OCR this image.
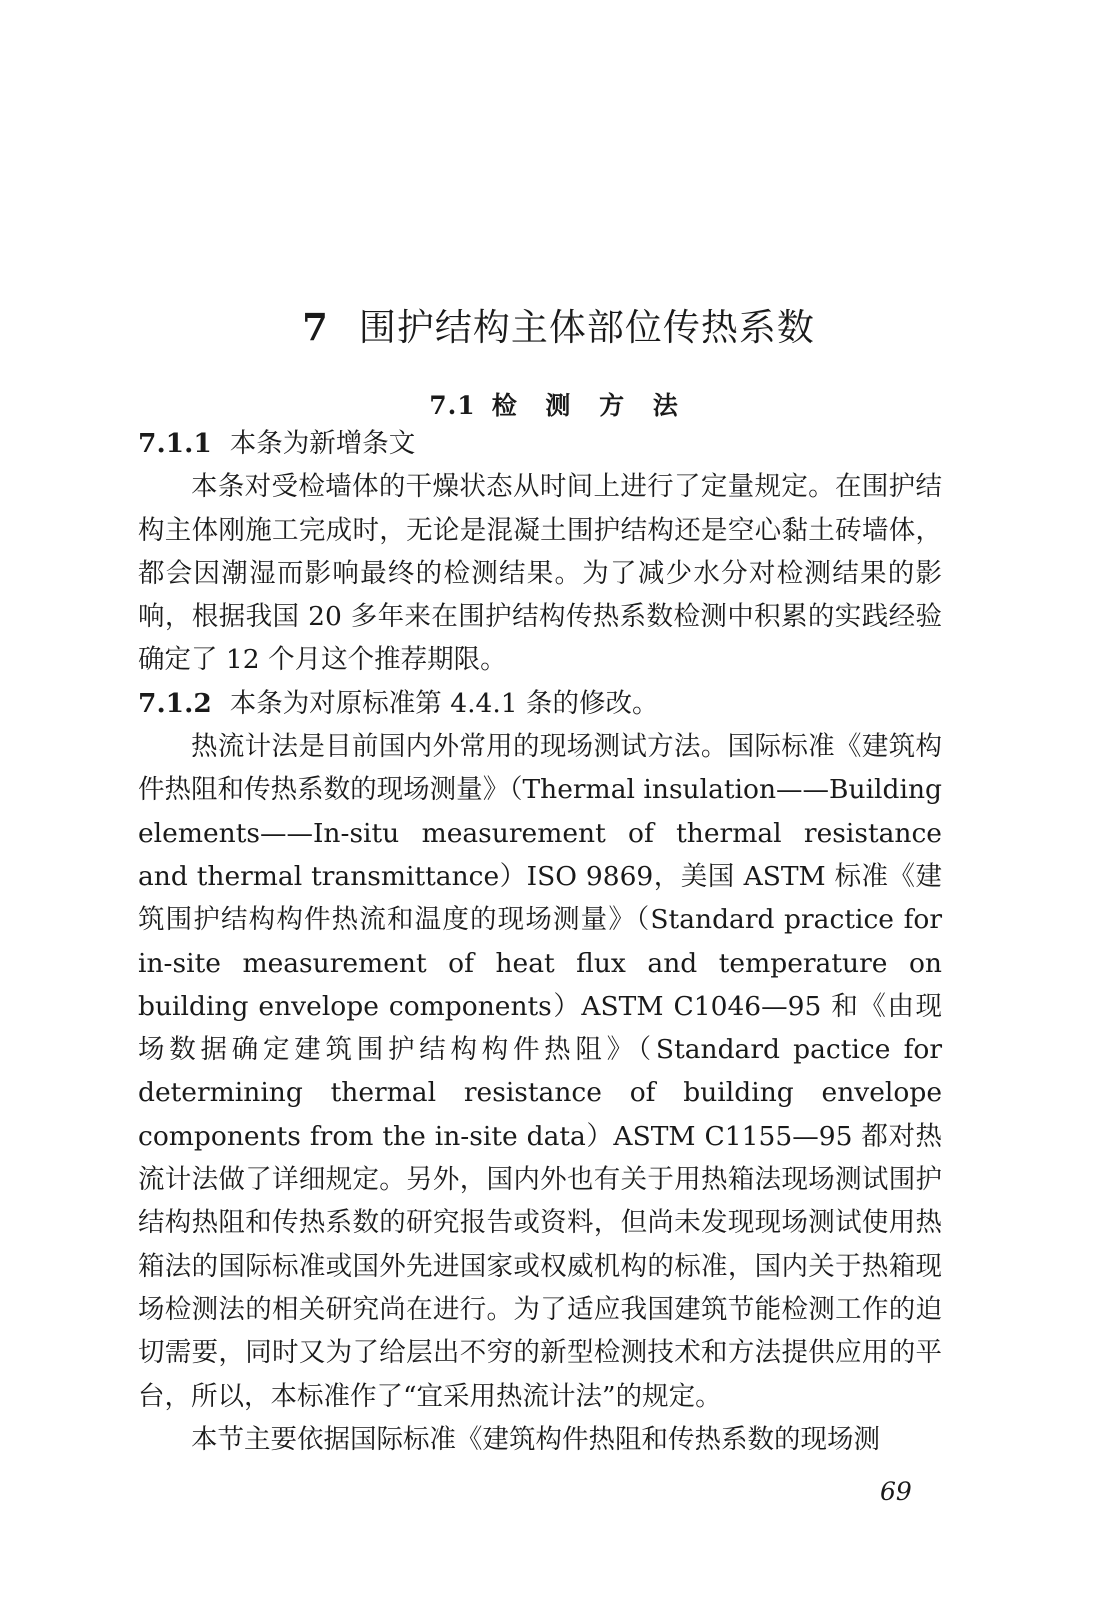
7 围护结构主体部位传热系数
7.1 检 测 方 法

7.1.1 本条为新增条文

本条对受检墙体的干燥状态从时间上进行了定量规定。在围护结构主体刚施工完成时，无论是混凝土围护结构还是空心黏土砖墙体，都会因潮湿而影响最终的检测结果。为了减少水分对检测结果的影响，根据我国 20 多年来在围护结构传热系数检测中积累的实践经验确定了 12 个月这个推荐期限。

7.1.2 本条为对原标准第 4.4.1 条的修改。

热流计法是目前国内外常用的现场测试方法。国际标准《建筑构件热阻和传热系数的现场测量》（Thermal insulation——Building elements——In-situ measurement of thermal resistance and thermal transmittance）ISO 9869，美国 ASTM 标准《建筑围护结构构件热流和温度的现场测量》（Standard practice for in-site measurement of heat flux and temperature on building envelope components）ASTM C1046—95 和《由现场数据确定建筑围护结构构件热阻》（Standard pactice for determining thermal resistance of building envelope components from the in-site data）ASTM C1155—95 都对热流计法做了详细规定。另外，国内外也有关于用热箱法现场测试围护结构热阻和传热系数的研究报告或资料，但尚未发现现场测试使用热箱法的国际标准或国外先进国家或权威机构的标准，国内关于热箱现场检测法的相关研究尚在进行。为了适应我国建筑节能检测工作的迫切需要，同时又为了给层出不穷的新型检测技术和方法提供应用的平台，所以，本标准作了“宜采用热流计法”的规定。

本节主要依据国际标准《建筑构件热阻和传热系数的现场测

69
